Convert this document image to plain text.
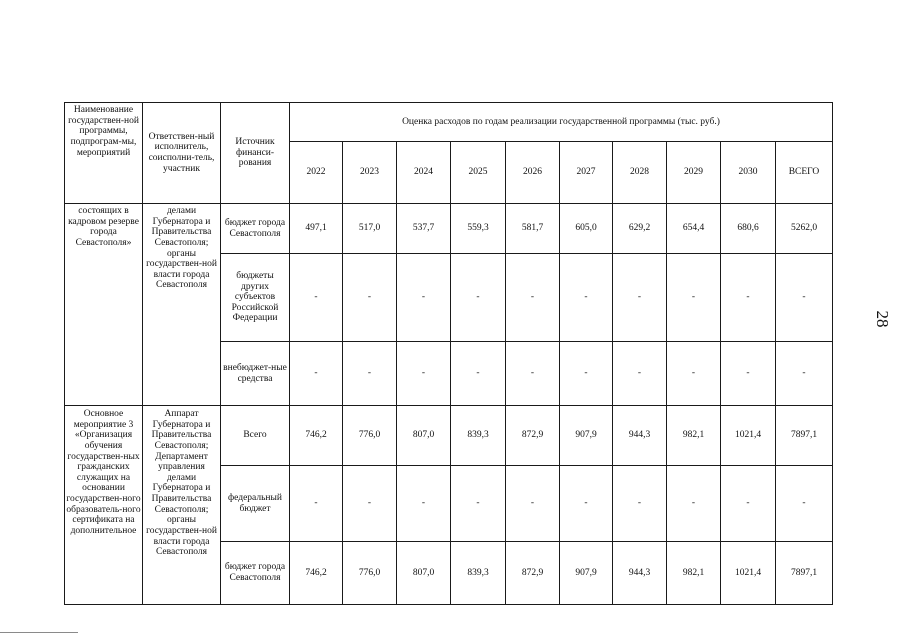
Наименование государствен-ной программы, подпрограм-мы, мероприятий	Ответствен-ный исполнитель, соисполни-тель, участник	Источник финанси-рования	Оценка расходов по годам реализации государственной программы (тыс. руб.)									
			2022	2023	2024	2025	2026	2027	2028	2029	2030	ВСЕГО
состоящих в кадровом резерве города Севастополя»	делами Губернатора и Правительства Севастополя; органы государствен-ной власти города Севастополя	бюджет города Севастополя	497,1	517,0	537,7	559,3	581,7	605,0	629,2	654,4	680,6	5262,0
		бюджеты других субъектов Российской Федерации	-	-	-	-	-	-	-	-	-	-
		внебюджет-ные средства	-	-	-	-	-	-	-	-	-	-
Основное мероприятие 3 «Организация обучения государствен-ных гражданских служащих на основании государствен-ного образователь-ного сертификата на дополнительное	Аппарат Губернатора и Правительства Севастополя; Департамент управления делами Губернатора и Правительства Севастополя; органы государствен-ной власти города Севастополя	Всего	746,2	776,0	807,0	839,3	872,9	907,9	944,3	982,1	1021,4	7897,1
		федеральный бюджет	-	-	-	-	-	-	-	-	-	-
		бюджет города Севастополя	746,2	776,0	807,0	839,3	872,9	907,9	944,3	982,1	1021,4	7897,1
28
